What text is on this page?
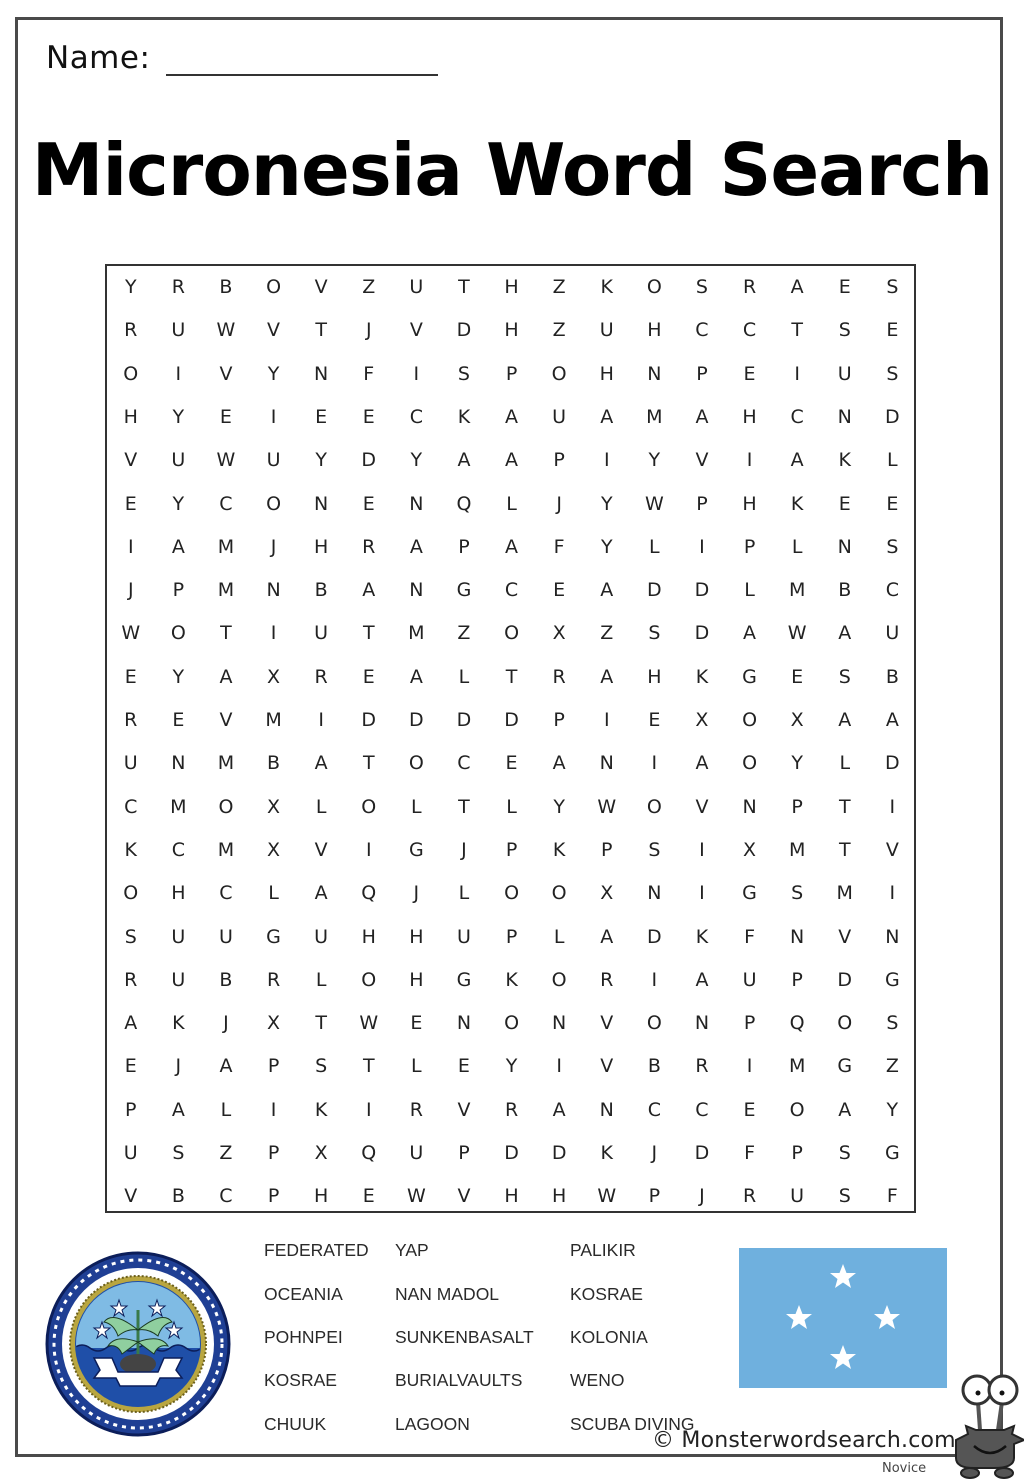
Name:
Micronesia Word Search
Y	R	B	O	V	Z	U	T	H	Z	K	O	S	R	A	E	S
R	U	W	V	T	J	V	D	H	Z	U	H	C	C	T	S	E
O	I	V	Y	N	F	I	S	P	O	H	N	P	E	I	U	S
H	Y	E	I	E	E	C	K	A	U	A	M	A	H	C	N	D
V	U	W	U	Y	D	Y	A	A	P	I	Y	V	I	A	K	L
E	Y	C	O	N	E	N	Q	L	J	Y	W	P	H	K	E	E
I	A	M	J	H	R	A	P	A	F	Y	L	I	P	L	N	S
J	P	M	N	B	A	N	G	C	E	A	D	D	L	M	B	C
W	O	T	I	U	T	M	Z	O	X	Z	S	D	A	W	A	U
E	Y	A	X	R	E	A	L	T	R	A	H	K	G	E	S	B
R	E	V	M	I	D	D	D	D	P	I	E	X	O	X	A	A
U	N	M	B	A	T	O	C	E	A	N	I	A	O	Y	L	D
C	M	O	X	L	O	L	T	L	Y	W	O	V	N	P	T	I
K	C	M	X	V	I	G	J	P	K	P	S	I	X	M	T	V
O	H	C	L	A	Q	J	L	O	O	X	N	I	G	S	M	I
S	U	U	G	U	H	H	U	P	L	A	D	K	F	N	V	N
R	U	B	R	L	O	H	G	K	O	R	I	A	U	P	D	G
A	K	J	X	T	W	E	N	O	N	V	O	N	P	Q	O	S
E	J	A	P	S	T	L	E	Y	I	V	B	R	I	M	G	Z
P	A	L	I	K	I	R	V	R	A	N	C	C	E	O	A	Y
U	S	Z	P	X	Q	U	P	D	D	K	J	D	F	P	S	G
V	B	C	P	H	E	W	V	H	H	W	P	J	R	U	S	F
FEDERATED
OCEANIA
POHNPEI
KOSRAE
CHUUK
YAP
NAN MADOL
SUNKENBASALT
BURIALVAULTS
LAGOON
PALIKIR
KOSRAE
KOLONIA
WENO
SCUBA DIVING
© Monsterwordsearch.com
Novice
